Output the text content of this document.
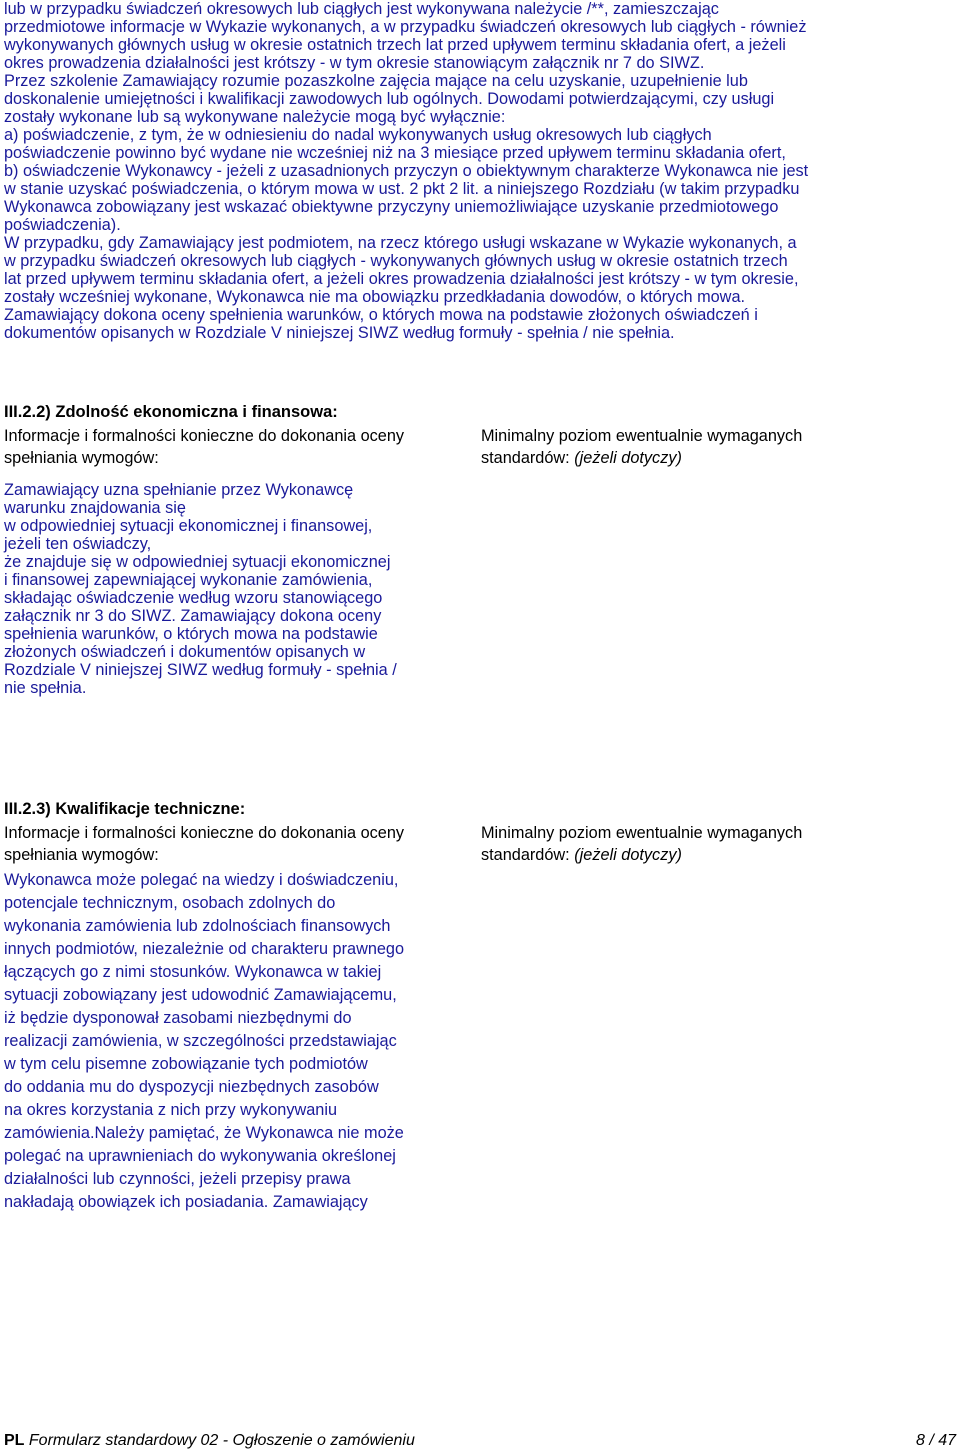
lub w przypadku świadczeń okresowych lub ciągłych jest wykonywana należycie /**, zamieszczając
przedmiotowe informacje w Wykazie wykonanych, a w przypadku świadczeń okresowych lub ciągłych - również
wykonywanych głównych usług w okresie ostatnich trzech lat przed upływem terminu składania ofert, a jeżeli
okres prowadzenia działalności jest krótszy - w tym okresie stanowiącym załącznik nr 7 do SIWZ.
Przez szkolenie Zamawiający rozumie pozaszkolne zajęcia mające na celu uzyskanie, uzupełnienie lub
doskonalenie umiejętności i kwalifikacji zawodowych lub ogólnych. Dowodami potwierdzającymi, czy usługi
zostały wykonane lub są wykonywane należycie mogą być wyłącznie:
a) poświadczenie, z tym, że w odniesieniu do nadal wykonywanych usług okresowych lub ciągłych
poświadczenie powinno być wydane nie wcześniej niż na 3 miesiące przed upływem terminu składania ofert,
b) oświadczenie Wykonawcy - jeżeli z uzasadnionych przyczyn o obiektywnym charakterze Wykonawca nie jest
w stanie uzyskać poświadczenia, o którym mowa w ust. 2 pkt 2 lit. a niniejszego Rozdziału (w takim przypadku
Wykonawca zobowiązany jest wskazać obiektywne przyczyny uniemożliwiające uzyskanie przedmiotowego
poświadczenia).

W przypadku, gdy Zamawiający jest podmiotem, na rzecz którego usługi wskazane w Wykazie wykonanych, a
w przypadku świadczeń okresowych lub ciągłych - wykonywanych głównych usług w okresie ostatnich trzech
lat przed upływem terminu składania ofert, a jeżeli okres prowadzenia działalności jest krótszy - w tym okresie,
zostały wcześniej wykonane, Wykonawca nie ma obowiązku przedkładania dowodów, o których mowa.
Zamawiający dokona oceny spełnienia warunków, o których mowa na podstawie złożonych oświadczeń i
dokumentów opisanych w Rozdziale V niniejszej SIWZ według formuły - spełnia / nie spełnia.

III.2.2) Zdolność ekonomiczna i finansowa:

Informacje i formalności konieczne do dokonania oceny
spełniania wymogów:

Minimalny poziom ewentualnie wymaganych
standardów: (jeżeli dotyczy)

Zamawiający uzna spełnianie przez Wykonawcę
warunku znajdowania się
w odpowiedniej sytuacji ekonomicznej i finansowej,
jeżeli ten oświadczy,
że znajduje się w odpowiedniej sytuacji ekonomicznej
i finansowej zapewniającej wykonanie zamówienia,
składając oświadczenie według wzoru stanowiącego
załącznik nr 3 do SIWZ. Zamawiający dokona oceny
spełnienia warunków, o których mowa na podstawie
złożonych oświadczeń i dokumentów opisanych w
Rozdziale V niniejszej SIWZ według formuły - spełnia /
nie spełnia.

III.2.3) Kwalifikacje techniczne:

Informacje i formalności konieczne do dokonania oceny
spełniania wymogów:

Minimalny poziom ewentualnie wymaganych
standardów: (jeżeli dotyczy)

Wykonawca może polegać na wiedzy i doświadczeniu,
potencjale technicznym, osobach zdolnych do
wykonania zamówienia lub zdolnościach finansowych
innych podmiotów, niezależnie od charakteru prawnego
łączących go z nimi stosunków. Wykonawca w takiej
sytuacji zobowiązany jest udowodnić Zamawiającemu,
iż będzie dysponował zasobami niezbędnymi do
realizacji zamówienia, w szczególności przedstawiając
w tym celu pisemne zobowiązanie tych podmiotów
do oddania mu do dyspozycji niezbędnych zasobów
na okres korzystania z nich przy wykonywaniu
zamówienia.Należy pamiętać, że Wykonawca nie może
polegać na uprawnieniach do wykonywania określonej
działalności lub czynności, jeżeli przepisy prawa
nakładają obowiązek ich posiadania. Zamawiający

PL Formularz standardowy 02 - Ogłoszenie o zamówieniu	8 / 47
